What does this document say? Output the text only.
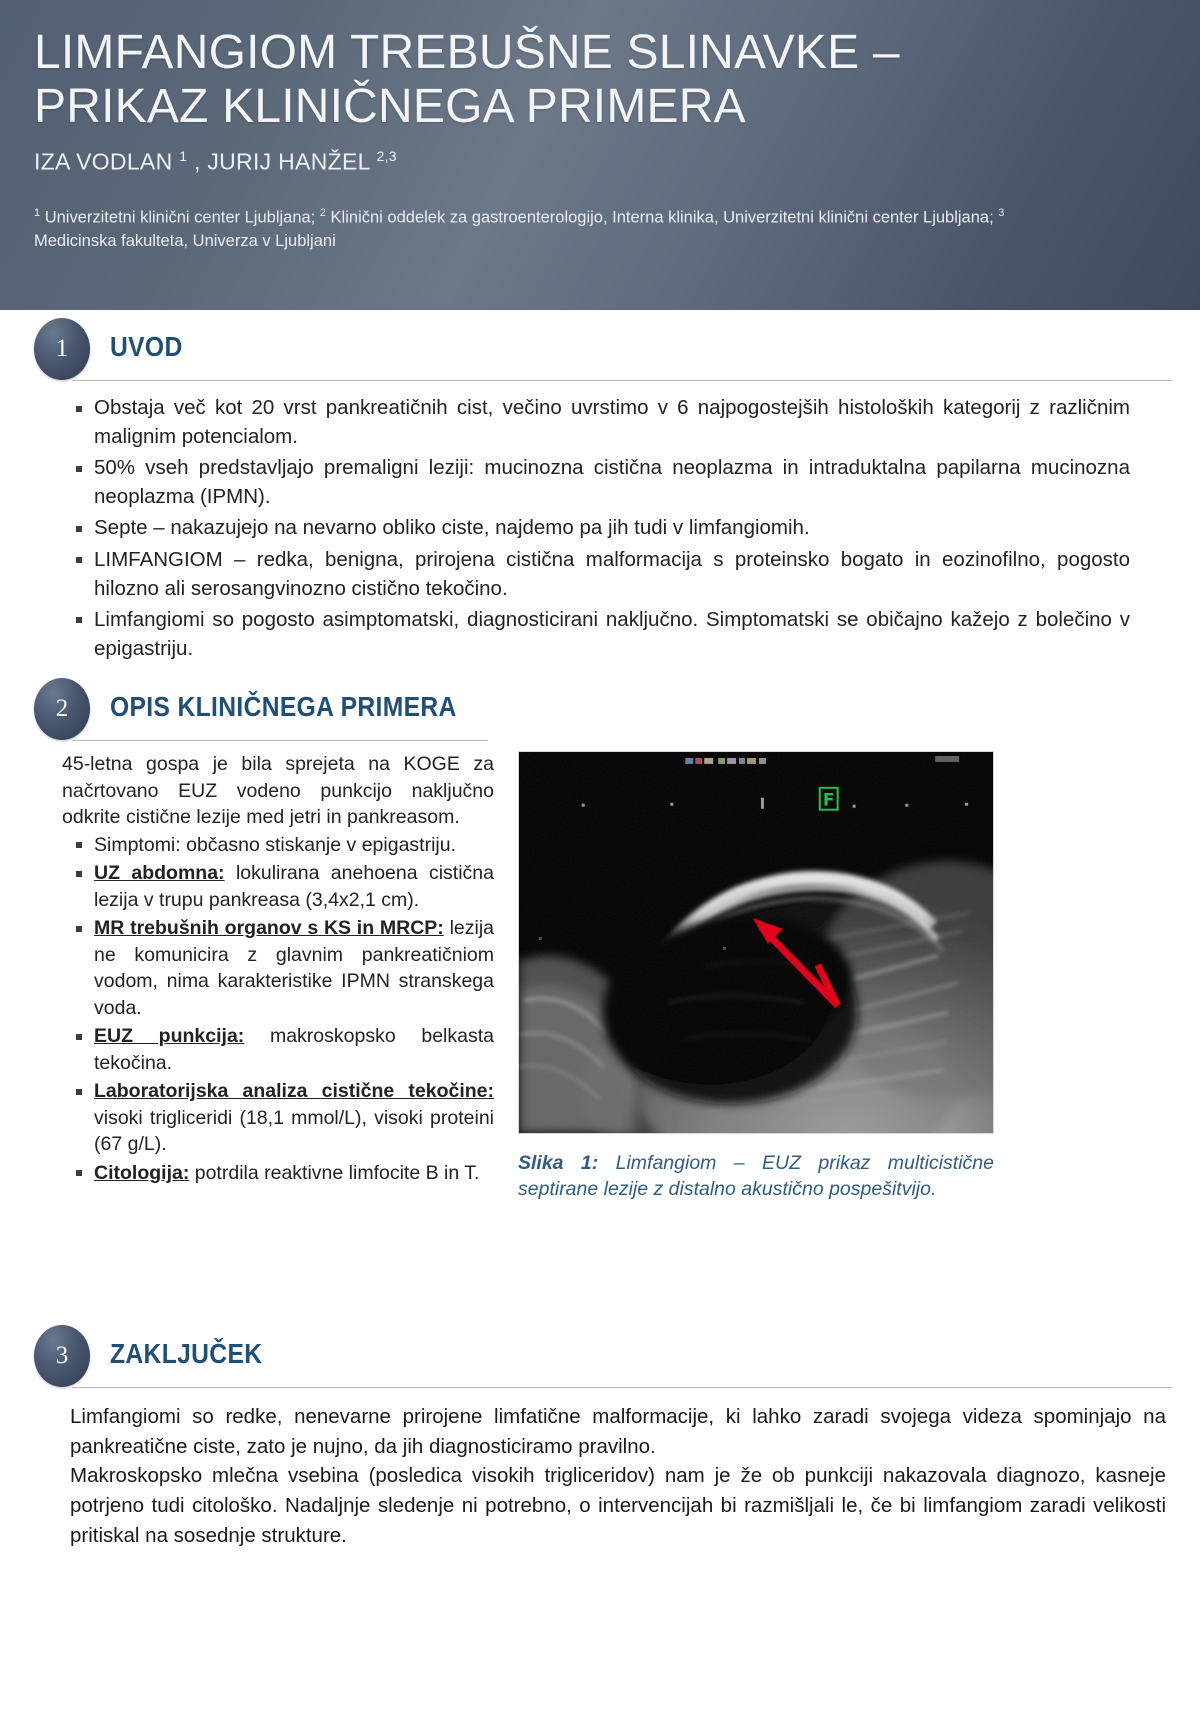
LIMFANGIOM TREBUŠNE SLINAVKE –
PRIKAZ KLINIČNEGA PRIMERA
IZA VODLAN $^1$ , JURIJ HANŽEL $^{2,3}$
$^1$ Univerzitetni klinični center Ljubljana; $^2$ Klinični oddelek za gastroenterologijo, Interna klinika, Univerzitetni klinični center Ljubljana; $^3$ Medicinska fakulteta, Univerza v Ljubljani
1	UVOD
Obstaja več kot 20 vrst pankreatičnih cist, večino uvrstimo v 6 najpogostejših histoloških kategorij z različnim malignim potencialom.
50% vseh predstavljajo premaligni leziji: mucinozna cistična neoplazma in intraduktalna papilarna mucinozna neoplazma (IPMN).
Septe – nakazujejo na nevarno obliko ciste, najdemo pa jih tudi v limfangiomih.
LIMFANGIOM – redka, benigna, prirojena cistična malformacija s proteinsko bogato in eozinofilno, pogosto hilozno ali serosangvinozno cistično tekočino.
Limfangiomi so pogosto asimptomatski, diagnosticirani naključno. Simptomatski se običajno kažejo z bolečino v epigastriju.
2	OPIS KLINIČNEGA PRIMERA

45-letna gospa je bila sprejeta na KOGE za načrtovano EUZ vodeno punkcijo naključno odkrite cistične lezije med jetri in pankreasom.

Simptomi: občasno stiskanje v epigastriju.
UZ abdomna: lokulirana anehoena cistična lezija v trupu pankreasa (3,4x2,1 cm).
MR trebušnih organov s KS in MRCP: lezija ne komunicira z glavnim pankreatičniom vodom, nima karakteristike IPMN stranskega voda.
EUZ punkcija: makroskopsko belkasta tekočina.
Laboratorijska analiza cistične tekočine: visoki trigliceridi (18,1 mmol/L), visoki proteini (67 g/L).
Citologija: potrdila reaktivne limfocite B in T.
F
Slika 1: Limfangiom – EUZ prikaz multicistične septirane lezije z distalno akustično pospešitvijo.
3	ZAKLJUČEK

Limfangiomi so redke, nenevarne prirojene limfatične malformacije, ki lahko zaradi svojega videza spominjajo na pankreatične ciste, zato je nujno, da jih diagnosticiramo pravilno.

Makroskopsko mlečna vsebina (posledica visokih trigliceridov) nam je že ob punkciji nakazovala diagnozo, kasneje potrjeno tudi citološko. Nadaljnje sledenje ni potrebno, o intervencijah bi razmišljali le, če bi limfangiom zaradi velikosti pritiskal na sosednje strukture.
